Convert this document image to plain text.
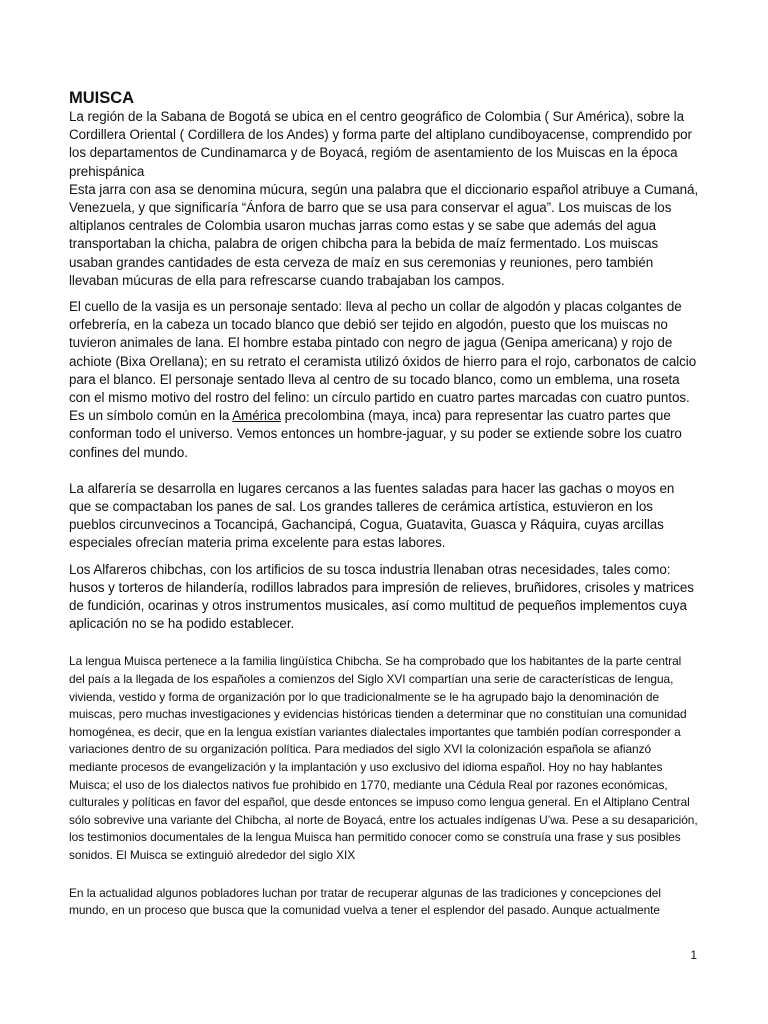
MUISCA

La región de la Sabana de Bogotá se ubica en el centro geográfico de Colombia ( Sur América), sobre la Cordillera Oriental ( Cordillera de los Andes) y forma parte del altiplano cundiboyacense, comprendido por los departamentos de Cundinamarca y de Boyacá, regióm de asentamiento de los Muiscas en la época prehispánica

Esta jarra con asa se denomina múcura, según una palabra que el diccionario español atribuye a Cumaná, Venezuela, y que significaría “Ánfora de barro que se usa para conservar el agua”. Los muiscas de los altiplanos centrales de Colombia usaron muchas jarras como estas y se sabe que además del agua transportaban la chicha, palabra de origen chibcha para la bebida de maíz fermentado. Los muiscas usaban grandes cantidades de esta cerveza de maíz en sus ceremonias y reuniones, pero también llevaban múcuras de ella para refrescarse cuando trabajaban los campos.

El cuello de la vasija es un personaje sentado: lleva al pecho un collar de algodón y placas colgantes de orfebrería, en la cabeza un tocado blanco que debió ser tejido en algodón, puesto que los muiscas no tuvieron animales de lana. El hombre estaba pintado con negro de jagua (Genipa americana) y rojo de achiote (Bixa Orellana); en su retrato el ceramista utilizó óxidos de hierro para el rojo, carbonatos de calcio para el blanco. El personaje sentado lleva al centro de su tocado blanco, como un emblema, una roseta con el mismo motivo del rostro del felino: un círculo partido en cuatro partes marcadas con cuatro puntos. Es un símbolo común en la América precolombina (maya, inca) para representar las cuatro partes que conforman todo el universo. Vemos entonces un hombre-jaguar, y su poder se extiende sobre los cuatro confines del mundo.

La alfarería se desarrolla en lugares cercanos a las fuentes saladas para hacer las gachas o moyos en que se compactaban los panes de sal. Los grandes talleres de cerámica artística, estuvieron en los pueblos circunvecinos a Tocancipá, Gachancipá, Cogua, Guatavita, Guasca y Ráquira, cuyas arcillas especiales ofrecían materia prima excelente para estas labores.

Los Alfareros chibchas, con los artificios de su tosca industria llenaban otras necesidades, tales como: husos y torteros de hilandería, rodillos labrados para impresión de relieves, bruñidores, crisoles y matrices de fundición, ocarinas y otros instrumentos musicales, así como multitud de pequeños implementos cuya aplicación no se ha podido establecer.

La lengua Muisca pertenece a la familia lingüística Chibcha. Se ha comprobado que los habitantes de la parte central del país a la llegada de los españoles a comienzos del Siglo XVI compartían una serie de características de lengua, vivienda, vestido y forma de organización por lo que tradicionalmente se le ha agrupado bajo la denominación de muiscas, pero muchas investigaciones y evidencias históricas tienden a determinar que no constituían una comunidad homogénea, es decir, que en la lengua existían variantes dialectales importantes que también podían corresponder a variaciones dentro de su organización política. Para mediados del siglo XVI la colonización española se afianzó mediante procesos de evangelización y la implantación y uso exclusivo del idioma español. Hoy no hay hablantes Muisca; el uso de los dialectos nativos fue prohibido en 1770, mediante una Cédula Real por razones económicas, culturales y políticas en favor del español, que desde entonces se impuso como lengua general. En el Altiplano Central sólo sobrevive una variante del Chibcha, al norte de Boyacá, entre los actuales indígenas U’wa. Pese a su desaparición, los testimonios documentales de la lengua Muisca han permitido conocer como se construía una frase y sus posibles sonidos. El Muisca se extinguió alrededor del siglo XIX

En la actualidad algunos pobladores luchan por tratar de recuperar algunas de las tradiciones y concepciones del mundo, en un proceso que busca que la comunidad vuelva a tener el esplendor del pasado. Aunque actualmente

1
